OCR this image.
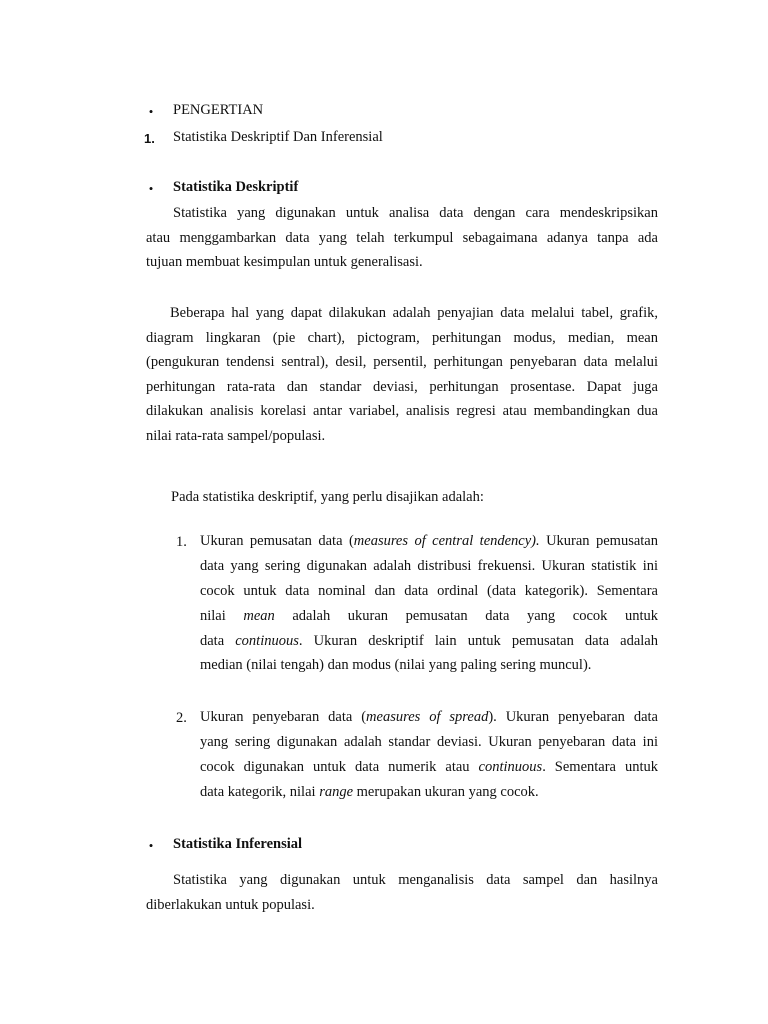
•	PENGERTIAN
1.	Statistika Deskriptif Dan Inferensial
•	Statistika Deskriptif
Statistika yang digunakan untuk analisa data dengan cara mendeskripsikan
atau menggambarkan data yang telah terkumpul sebagaimana adanya tanpa ada
tujuan membuat kesimpulan untuk generalisasi.
Beberapa hal yang dapat dilakukan adalah penyajian data melalui tabel, grafik,
diagram lingkaran (pie chart), pictogram, perhitungan modus, median, mean
(pengukuran tendensi sentral), desil, persentil, perhitungan penyebaran data melalui
perhitungan rata-rata dan standar deviasi, perhitungan prosentase. Dapat juga
dilakukan analisis korelasi antar variabel, analisis regresi atau membandingkan dua
nilai rata-rata sampel/populasi.
Pada statistika deskriptif, yang perlu disajikan adalah:
1. Ukuran pemusatan data (measures of central tendency). Ukuran pemusatan
data yang sering digunakan adalah distribusi frekuensi. Ukuran statistik ini
cocok untuk data nominal dan data ordinal (data kategorik). Sementara
nilai mean adalah ukuran pemusatan data yang cocok untuk
data continuous. Ukuran deskriptif lain untuk pemusatan data adalah
median (nilai tengah) dan modus (nilai yang paling sering muncul).
2. Ukuran penyebaran data (measures of spread). Ukuran penyebaran data
yang sering digunakan adalah standar deviasi. Ukuran penyebaran data ini
cocok digunakan untuk data numerik atau continuous. Sementara untuk
data kategorik, nilai range merupakan ukuran yang cocok.
•	Statistika Inferensial
Statistika yang digunakan untuk menganalisis data sampel dan hasilnya
diberlakukan untuk populasi.
